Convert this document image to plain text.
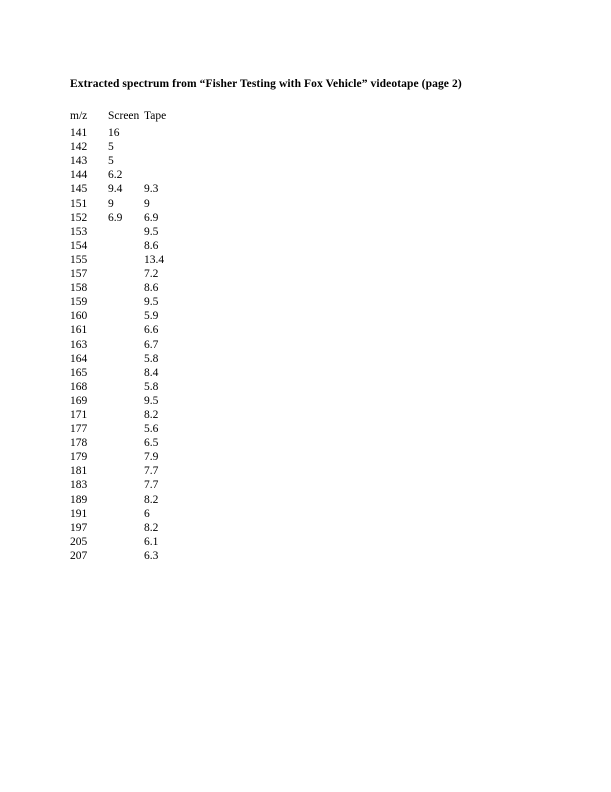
Extracted spectrum from “Fisher Testing with Fox Vehicle” videotape (page 2)
m/z	Screen	Tape
141	16	
142	5	
143	5	
144	6.2	
145	9.4	9.3
151	9	9
152	6.9	6.9
153		9.5
154		8.6
155		13.4
157		7.2
158		8.6
159		9.5
160		5.9
161		6.6
163		6.7
164		5.8
165		8.4
168		5.8
169		9.5
171		8.2
177		5.6
178		6.5
179		7.9
181		7.7
183		7.7
189		8.2
191		6
197		8.2
205		6.1
207		6.3
